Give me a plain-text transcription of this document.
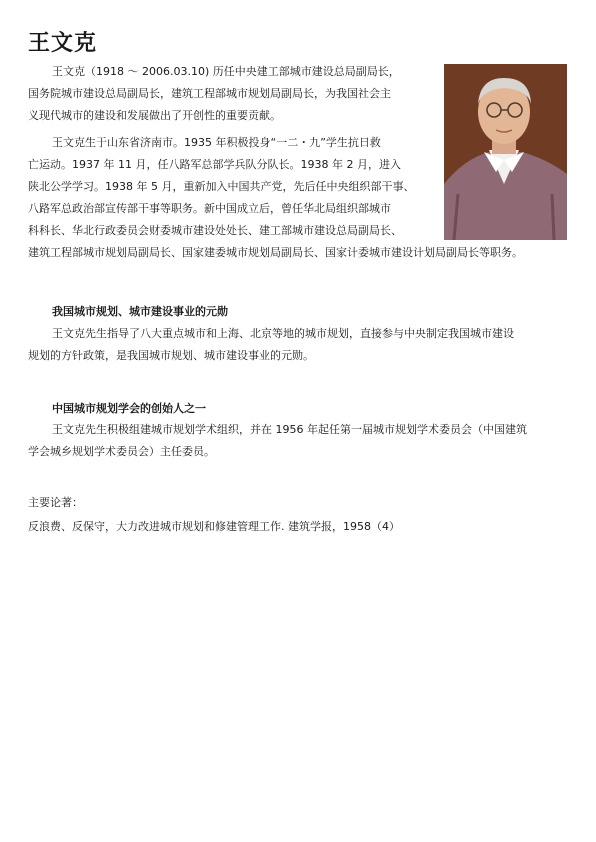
王文克
王文克（1918 ～ 2006.03.10) 历任中央建工部城市建设总局副局长，
国务院城市建设总局副局长，建筑工程部城市规划局副局长，为我国社会主
义现代城市的建设和发展做出了开创性的重要贡献。
王文克生于山东省济南市。1935 年积极投身“一二・九”学生抗日救
亡运动。1937 年 11 月，任八路军总部学兵队分队长。1938 年 2 月，进入
陕北公学学习。1938 年 5 月，重新加入中国共产党，先后任中央组织部干事、
八路军总政治部宣传部干事等职务。新中国成立后，曾任华北局组织部城市
科科长、华北行政委员会财委城市建设处处长、建工部城市建设总局副局长、
建筑工程部城市规划局副局长、国家建委城市规划局副局长、国家计委城市建设计划局副局长等职务。
我国城市规划、城市建设事业的元勋
王文克先生指导了八大重点城市和上海、北京等地的城市规划，直接参与中央制定我国城市建设
规划的方针政策，是我国城市规划、城市建设事业的元勋。
中国城市规划学会的创始人之一
王文克先生积极组建城市规划学术组织，并在 1956 年起任第一届城市规划学术委员会（中国建筑
学会城乡规划学术委员会）主任委员。
主要论著：
反浪费、反保守，大力改进城市规划和修建管理工作. 建筑学报，1958（4）
